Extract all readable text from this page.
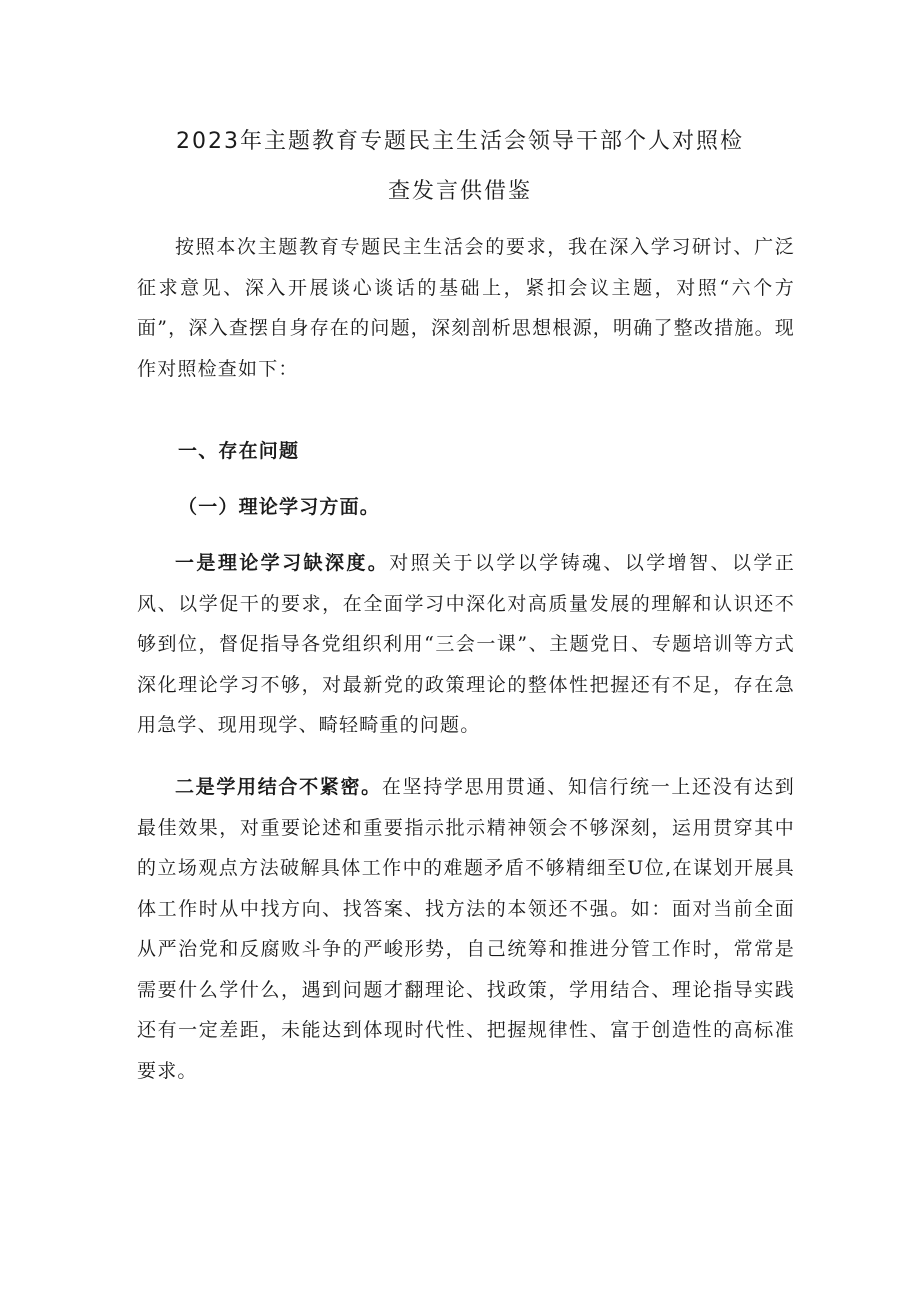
2023年主题教育专题民主生活会领导干部个人对照检
查发言供借鉴

按照本次主题教育专题民主生活会的要求，我在深入学习研讨、广泛征求意见、深入开展谈心谈话的基础上，紧扣会议主题，对照“六个方面”，深入查摆自身存在的问题，深刻剖析思想根源，明确了整改措施。现作对照检查如下：

一、存在问题
（一）理论学习方面。

一是理论学习缺深度。对照关于以学以学铸魂、以学增智、以学正风、以学促干的要求，在全面学习中深化对高质量发展的理解和认识还不够到位，督促指导各党组织利用“三会一课”、主题党日、专题培训等方式深化理论学习不够，对最新党的政策理论的整体性把握还有不足，存在急用急学、现用现学、畸轻畸重的问题。

二是学用结合不紧密。在坚持学思用贯通、知信行统一上还没有达到最佳效果，对重要论述和重要指示批示精神领会不够深刻，运用贯穿其中的立场观点方法破解具体工作中的难题矛盾不够精细至U位,在谋划开展具体工作时从中找方向、找答案、找方法的本领还不强。如：面对当前全面从严治党和反腐败斗争的严峻形势，自己统筹和推进分管工作时，常常是需要什么学什么，遇到问题才翻理论、找政策，学用结合、理论指导实践还有一定差距，未能达到体现时代性、把握规律性、富于创造性的高标准要求。
